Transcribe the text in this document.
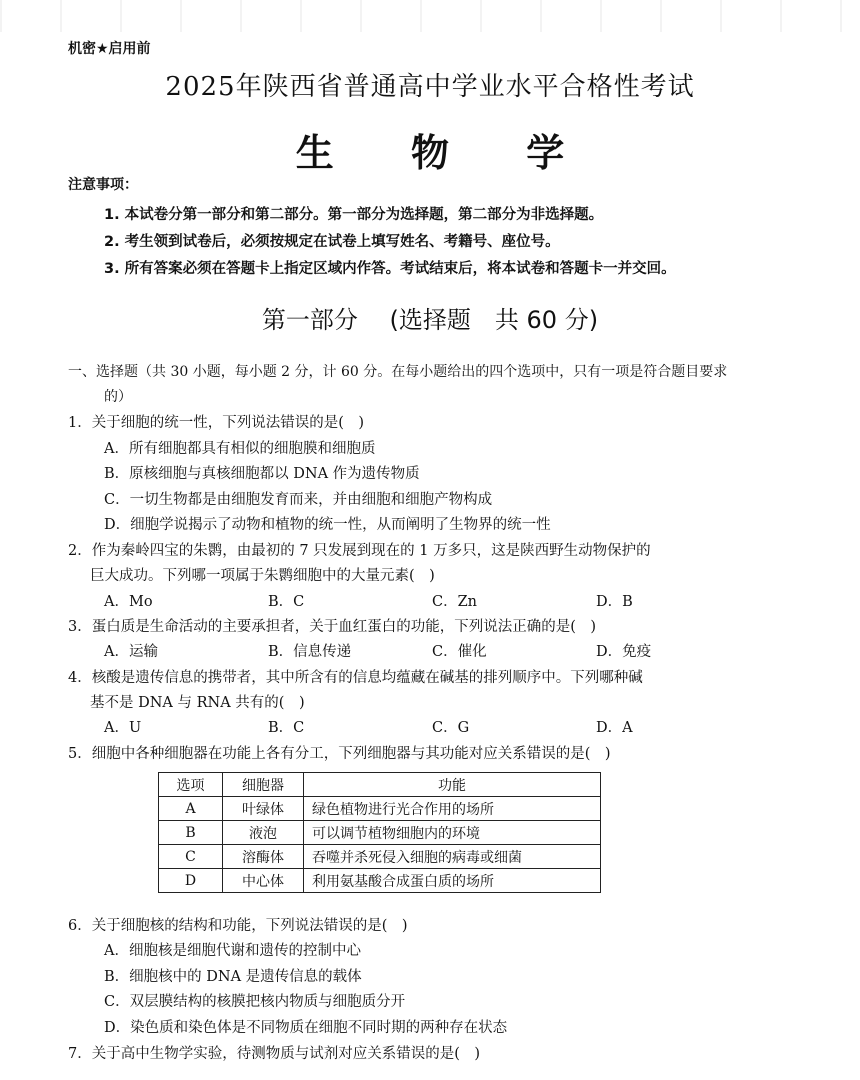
机密★启用前
2025年陕西省普通高中学业水平合格性考试
生 物 学
注意事项：
1. 本试卷分第一部分和第二部分。第一部分为选择题，第二部分为非选择题。
2. 考生领到试卷后，必须按规定在试卷上填写姓名、考籍号、座位号。
3. 所有答案必须在答题卡上指定区域内作答。考试结束后，将本试卷和答题卡一并交回。
第一部分　 (选择题　共 60 分)
一、选择题（共 30 小题，每小题 2 分，计 60 分。在每小题给出的四个选项中，只有一项是符合题目要求
的）
1．关于细胞的统一性，下列说法错误的是(　)
A．所有细胞都具有相似的细胞膜和细胞质
B．原核细胞与真核细胞都以 DNA 作为遗传物质
C．一切生物都是由细胞发育而来，并由细胞和细胞产物构成
D．细胞学说揭示了动物和植物的统一性，从而阐明了生物界的统一性
2．作为秦岭四宝的朱鹮，由最初的 7 只发展到现在的 1 万多只，这是陕西野生动物保护的
巨大成功。下列哪一项属于朱鹮细胞中的大量元素(　)
A．Mo	B．C	C．Zn	D．B
3．蛋白质是生命活动的主要承担者，关于血红蛋白的功能，下列说法正确的是(　)
A．运输	B．信息传递	C．催化	D．免疫
4．核酸是遗传信息的携带者，其中所含有的信息均蕴藏在碱基的排列顺序中。下列哪种碱
基不是 DNA 与 RNA 共有的(　)
A．U	B．C	C．G	D．A
5．细胞中各种细胞器在功能上各有分工，下列细胞器与其功能对应关系错误的是(　)
选项	细胞器	功能
A	叶绿体	绿色植物进行光合作用的场所
B	液泡	可以调节植物细胞内的环境
C	溶酶体	吞噬并杀死侵入细胞的病毒或细菌
D	中心体	利用氨基酸合成蛋白质的场所
6．关于细胞核的结构和功能，下列说法错误的是(　)
A．细胞核是细胞代谢和遗传的控制中心
B．细胞核中的 DNA 是遗传信息的载体
C．双层膜结构的核膜把核内物质与细胞质分开
D．染色质和染色体是不同物质在细胞不同时期的两种存在状态
7．关于高中生物学实验，待测物质与试剂对应关系错误的是(　)
